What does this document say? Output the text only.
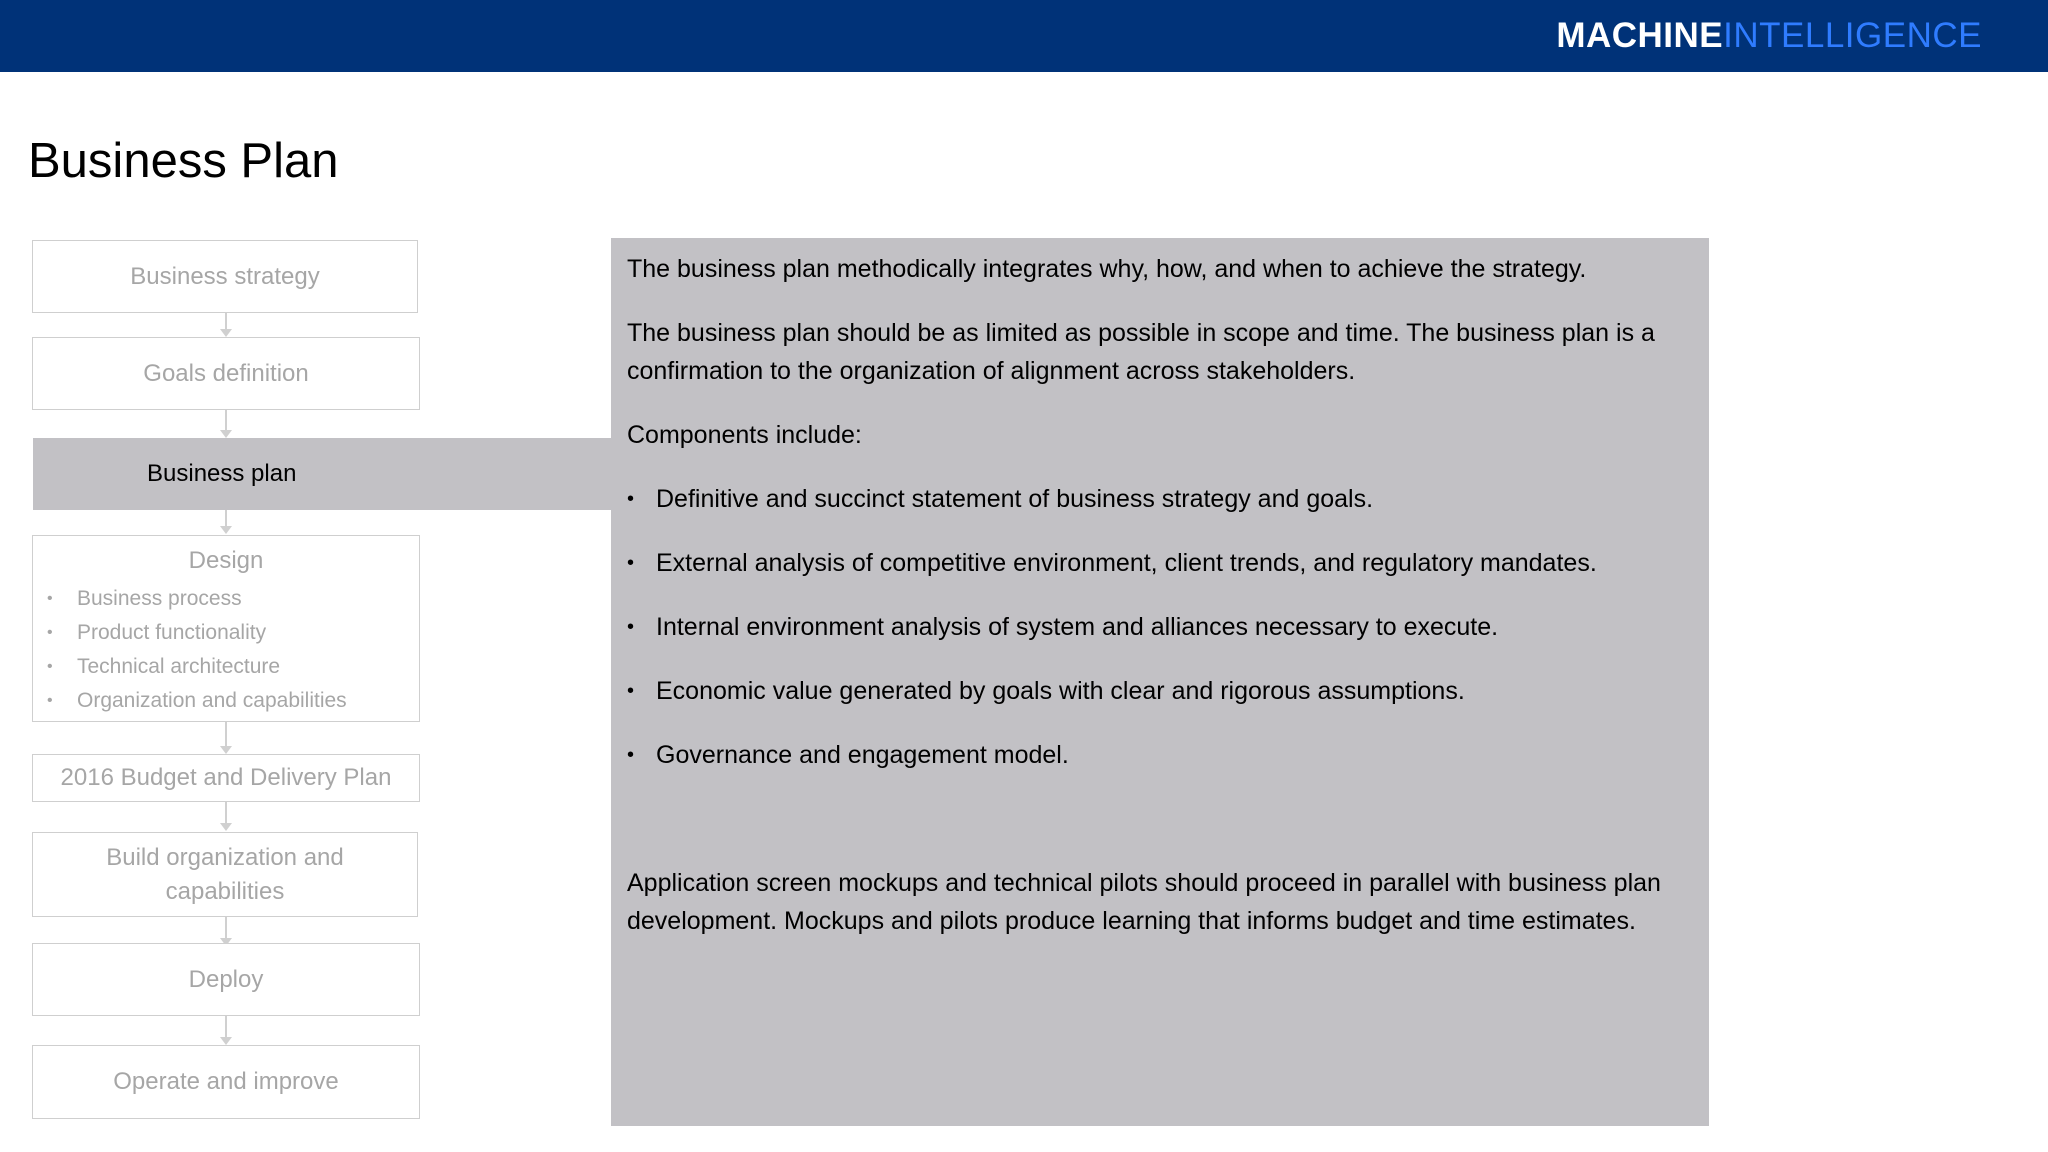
MACHINEINTELLIGENCE
Business Plan
Business strategy
Goals definition
Business plan
Design
•	Business process
•	Product functionality
•	Technical architecture
•	Organization and capabilities
2016 Budget and Delivery Plan
Build organization and capabilities
Deploy
Operate and improve

The business plan methodically integrates why, how, and when to achieve the strategy.

The business plan should be as limited as possible in scope and time. The business plan is a confirmation to the organization of alignment across stakeholders.

Components include:

• Definitive and succinct statement of business strategy and goals.
• External analysis of competitive environment, client trends, and regulatory mandates.
• Internal environment analysis of system and alliances necessary to execute.
• Economic value generated by goals with clear and rigorous assumptions.
• Governance and engagement model.

Application screen mockups and technical pilots should proceed in parallel with business plan development. Mockups and pilots produce learning that informs budget and time estimates.
